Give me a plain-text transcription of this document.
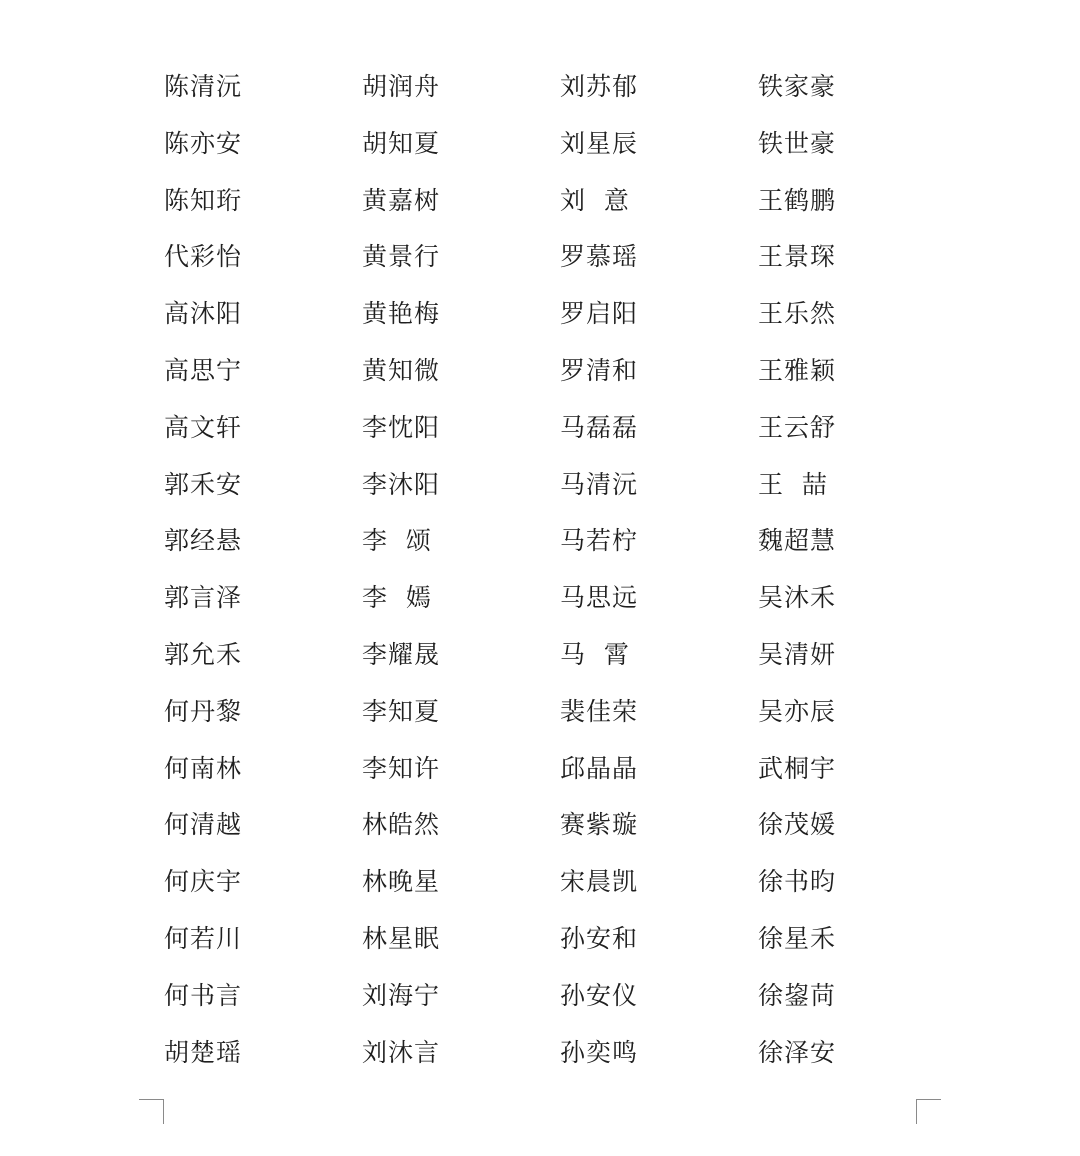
陈清沅	胡润舟	刘苏郁	铁家豪
陈亦安	胡知夏	刘星辰	铁世豪
陈知珩	黄嘉树	刘  意	王鹤鹏
代彩怡	黄景行	罗慕瑶	王景琛
高沐阳	黄艳梅	罗启阳	王乐然
高思宁	黄知微	罗清和	王雅颖
高文轩	李忱阳	马磊磊	王云舒
郭禾安	李沐阳	马清沅	王  喆
郭经悬	李  颂	马若柠	魏超慧
郭言泽	李  嫣	马思远	吴沐禾
郭允禾	李耀晟	马  霄	吴清妍
何丹黎	李知夏	裴佳荣	吴亦辰
何南林	李知许	邱晶晶	武桐宇
何清越	林皓然	赛紫璇	徐茂媛
何庆宇	林晚星	宋晨凯	徐书昀
何若川	林星眠	孙安和	徐星禾
何书言	刘海宁	孙安仪	徐鋆苘
胡楚瑶	刘沐言	孙奕鸣	徐泽安
